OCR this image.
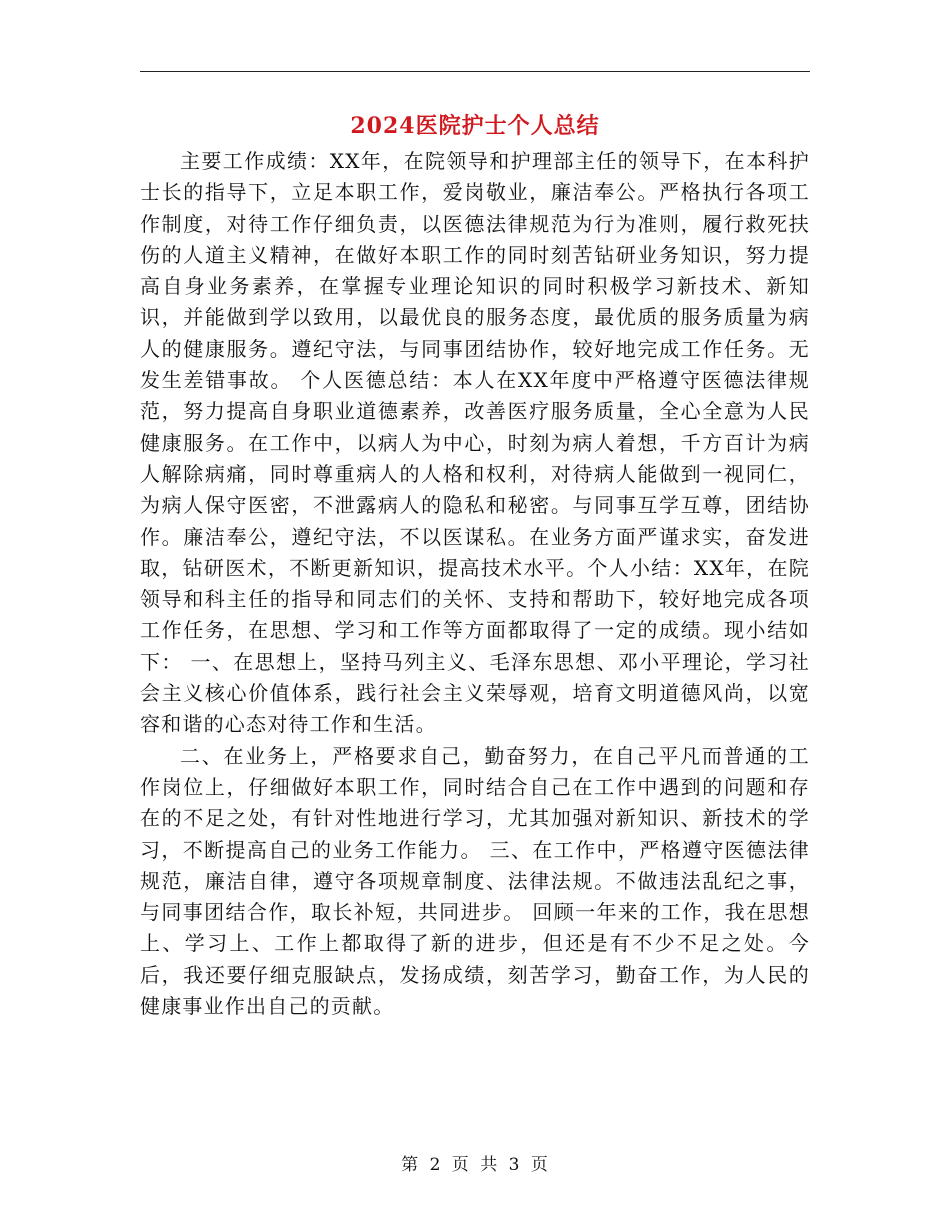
2024医院护士个人总结

主要工作成绩：XX年，在院领导和护理部主任的领导下，在本科护士长的指导下，立足本职工作，爱岗敬业，廉洁奉公。严格执行各项工作制度，对待工作仔细负责，以医德法律规范为行为准则，履行救死扶伤的人道主义精神，在做好本职工作的同时刻苦钻研业务知识，努力提高自身业务素养，在掌握专业理论知识的同时积极学习新技术、新知识，并能做到学以致用，以最优良的服务态度，最优质的服务质量为病人的健康服务。遵纪守法，与同事团结协作，较好地完成工作任务。无发生差错事故。 个人医德总结：本人在XX年度中严格遵守医德法律规范，努力提高自身职业道德素养，改善医疗服务质量，全心全意为人民健康服务。在工作中，以病人为中心，时刻为病人着想，千方百计为病人解除病痛，同时尊重病人的人格和权利，对待病人能做到一视同仁，为病人保守医密，不泄露病人的隐私和秘密。与同事互学互尊，团结协作。廉洁奉公，遵纪守法，不以医谋私。在业务方面严谨求实，奋发进取，钻研医术，不断更新知识，提高技术水平。个人小结：XX年，在院领导和科主任的指导和同志们的关怀、支持和帮助下，较好地完成各项工作任务，在思想、学习和工作等方面都取得了一定的成绩。现小结如下： 一、在思想上，坚持马列主义、毛泽东思想、邓小平理论，学习社会主义核心价值体系，践行社会主义荣辱观，培育文明道德风尚，以宽容和谐的心态对待工作和生活。

二、在业务上，严格要求自己，勤奋努力，在自己平凡而普通的工作岗位上，仔细做好本职工作，同时结合自己在工作中遇到的问题和存在的不足之处，有针对性地进行学习，尤其加强对新知识、新技术的学习，不断提高自己的业务工作能力。 三、在工作中，严格遵守医德法律规范，廉洁自律，遵守各项规章制度、法律法规。不做违法乱纪之事，与同事团结合作，取长补短，共同进步。 回顾一年来的工作，我在思想上、学习上、工作上都取得了新的进步，但还是有不少不足之处。今后，我还要仔细克服缺点，发扬成绩，刻苦学习，勤奋工作，为人民的健康事业作出自己的贡献。

第 2 页 共 3 页
